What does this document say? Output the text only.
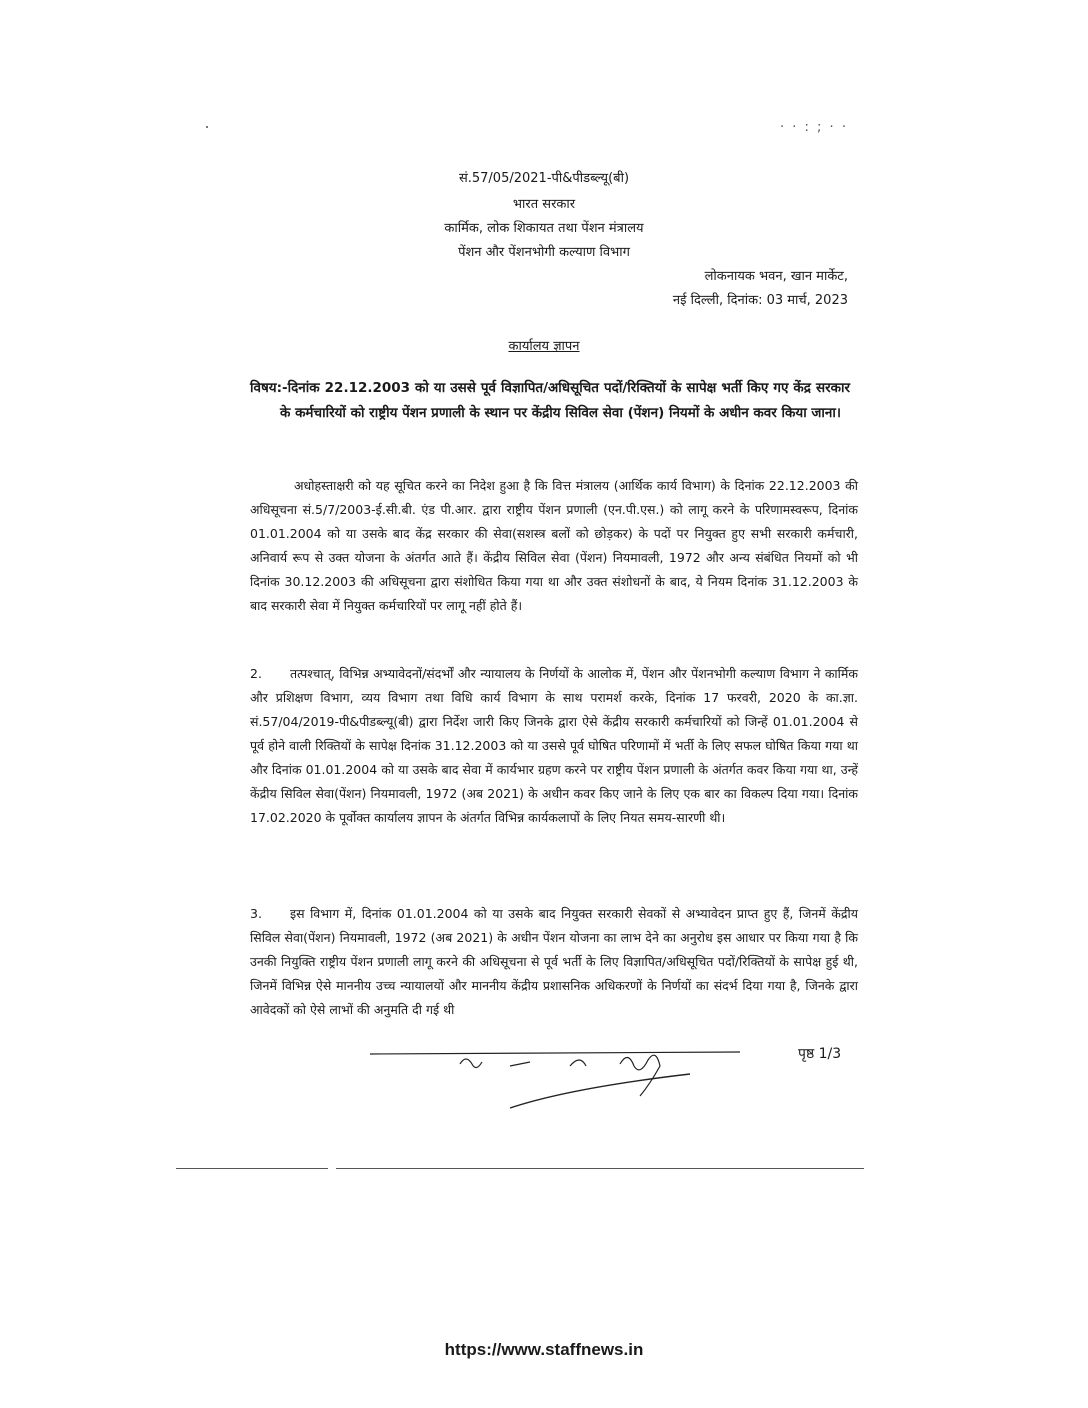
· · : ; · ·
सं.57/05/2021-पी&पीडब्ल्यू(बी)
भारत सरकार
कार्मिक, लोक शिकायत तथा पेंशन मंत्रालय
पेंशन और पेंशनभोगी कल्याण विभाग
लोकनायक भवन, खान मार्केट,
नई दिल्ली, दिनांक: 03 मार्च, 2023
कार्यालय ज्ञापन
विषय:-दिनांक 22.12.2003 को या उससे पूर्व विज्ञापित/अधिसूचित पदों/रिक्तियों के सापेक्ष भर्ती किए गए केंद्र सरकार के कर्मचारियों को राष्ट्रीय पेंशन प्रणाली के स्थान पर केंद्रीय सिविल सेवा (पेंशन) नियमों के अधीन कवर किया जाना।
अधोहस्ताक्षरी को यह सूचित करने का निदेश हुआ है कि वित्त मंत्रालय (आर्थिक कार्य विभाग) के दिनांक 22.12.2003 की अधिसूचना सं.5/7/2003-ई.सी.बी. एंड पी.आर. द्वारा राष्ट्रीय पेंशन प्रणाली (एन.पी.एस.) को लागू करने के परिणामस्वरूप, दिनांक 01.01.2004 को या उसके बाद केंद्र सरकार की सेवा(सशस्त्र बलों को छोड़कर) के पदों पर नियुक्त हुए सभी सरकारी कर्मचारी, अनिवार्य रूप से उक्त योजना के अंतर्गत आते हैं। केंद्रीय सिविल सेवा (पेंशन) नियमावली, 1972 और अन्य संबंधित नियमों को भी दिनांक 30.12.2003 की अधिसूचना द्वारा संशोधित किया गया था और उक्त संशोधनों के बाद, ये नियम दिनांक 31.12.2003 के बाद सरकारी सेवा में नियुक्त कर्मचारियों पर लागू नहीं होते हैं।
2. तत्पश्चात्, विभिन्न अभ्यावेदनों/संदर्भों और न्यायालय के निर्णयों के आलोक में, पेंशन और पेंशनभोगी कल्याण विभाग ने कार्मिक और प्रशिक्षण विभाग, व्यय विभाग तथा विधि कार्य विभाग के साथ परामर्श करके, दिनांक 17 फरवरी, 2020 के का.ज्ञा. सं.57/04/2019-पी&पीडब्ल्यू(बी) द्वारा निर्देश जारी किए जिनके द्वारा ऐसे केंद्रीय सरकारी कर्मचारियों को जिन्हें 01.01.2004 से पूर्व होने वाली रिक्तियों के सापेक्ष दिनांक 31.12.2003 को या उससे पूर्व घोषित परिणामों में भर्ती के लिए सफल घोषित किया गया था और दिनांक 01.01.2004 को या उसके बाद सेवा में कार्यभार ग्रहण करने पर राष्ट्रीय पेंशन प्रणाली के अंतर्गत कवर किया गया था, उन्हें केंद्रीय सिविल सेवा(पेंशन) नियमावली, 1972 (अब 2021) के अधीन कवर किए जाने के लिए एक बार का विकल्प दिया गया। दिनांक 17.02.2020 के पूर्वोक्त कार्यालय ज्ञापन के अंतर्गत विभिन्न कार्यकलापों के लिए नियत समय-सारणी थी।
3. इस विभाग में, दिनांक 01.01.2004 को या उसके बाद नियुक्त सरकारी सेवकों से अभ्यावेदन प्राप्त हुए हैं, जिनमें केंद्रीय सिविल सेवा(पेंशन) नियमावली, 1972 (अब 2021) के अधीन पेंशन योजना का लाभ देने का अनुरोध इस आधार पर किया गया है कि उनकी नियुक्ति राष्ट्रीय पेंशन प्रणाली लागू करने की अधिसूचना से पूर्व भर्ती के लिए विज्ञापित/अधिसूचित पदों/रिक्तियों के सापेक्ष हुई थी, जिनमें विभिन्न ऐसे माननीय उच्च न्यायालयों और माननीय केंद्रीय प्रशासनिक अधिकरणों के निर्णयों का संदर्भ दिया गया है, जिनके द्वारा आवेदकों को ऐसे लाभों की अनुमति दी गई थी
पृष्ठ 1/3
https://www.staffnews.in
